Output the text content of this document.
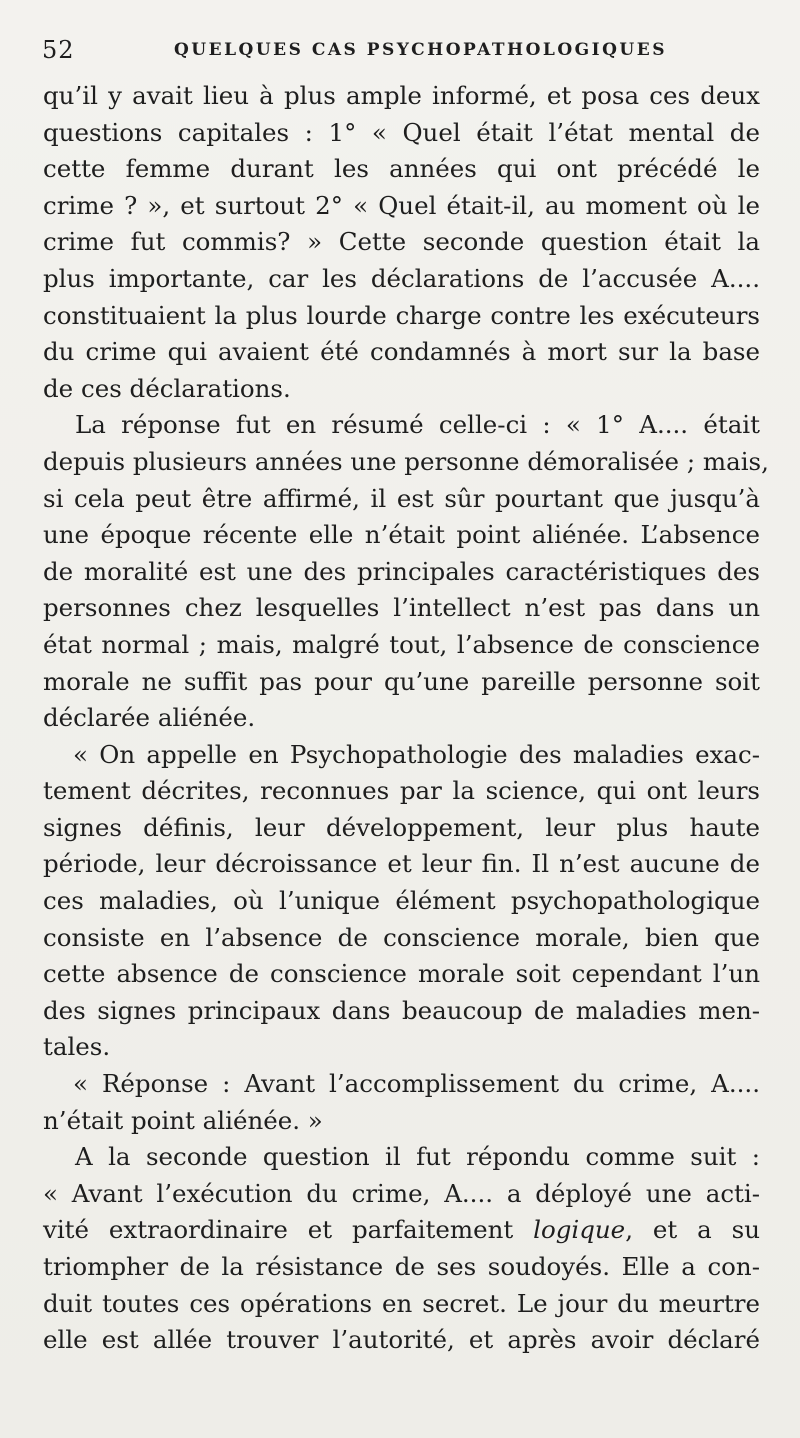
52	QUELQUES CAS PSYCHOPATHOLOGIQUES
qu’il y avait lieu à plus ample informé, et posa ces deux
questions capitales : 1° « Quel était l’état mental de
cette femme durant les années qui ont précédé le
crime ? », et surtout 2° « Quel était-il, au moment où le
crime fut commis? » Cette seconde question était la
plus importante, car les déclarations de l’accusée A....
constituaient la plus lourde charge contre les exécuteurs
du crime qui avaient été condamnés à mort sur la base
de ces déclarations.
La réponse fut en résumé celle-ci : « 1° A.... était
depuis plusieurs années une personne démoralisée ; mais,
si cela peut être affirmé, il est sûr pourtant que jusqu’à
une époque récente elle n’était point aliénée. L’absence
de moralité est une des principales caractéristiques des
personnes chez lesquelles l’intellect n’est pas dans un
état normal ; mais, malgré tout, l’absence de conscience
morale ne suffit pas pour qu’une pareille personne soit
déclarée aliénée.
« On appelle en Psychopathologie des maladies exac-
tement décrites, reconnues par la science, qui ont leurs
signes définis, leur développement, leur plus haute
période, leur décroissance et leur fin. Il n’est aucune de
ces maladies, où l’unique élément psychopathologique
consiste en l’absence de conscience morale, bien que
cette absence de conscience morale soit cependant l’un
des signes principaux dans beaucoup de maladies men-
tales.
« Réponse : Avant l’accomplissement du crime, A....
n’était point aliénée. »
A la seconde question il fut répondu comme suit :
« Avant l’exécution du crime, A.... a déployé une acti-
vité extraordinaire et parfaitement logique, et a su
triompher de la résistance de ses soudoyés. Elle a con-
duit toutes ces opérations en secret. Le jour du meurtre
elle est allée trouver l’autorité, et après avoir déclaré
